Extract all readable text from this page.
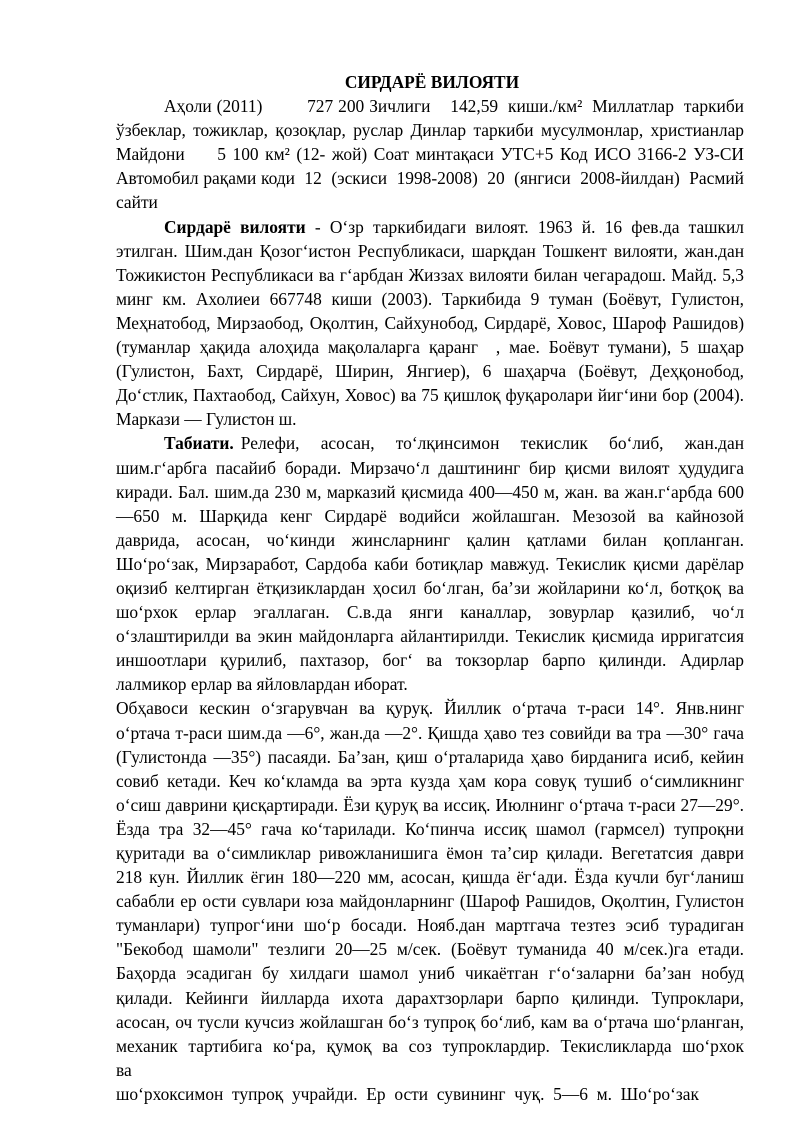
СИРДАРЁ ВИЛОЯТИ

Аҳоли (2011)         727 200 Зичлиги    142,59  киши./км²  Миллатлар  таркиби
ўзбеклар, тожиклар, қозоқлар, руслар Динлар таркиби мусулмонлар, христианлар
Майдони     5 100 км² (12- жой) Соат минтақаси УТС+5 Код ИСО 3166-2 УЗ-СИ
Автомобил рақами коди  12  (эскиси  1998-2008)  20  (янгиси  2008-йилдан)  Расмий
сайти
Сирдарё вилояти - Оʻзр таркибидаги вилоят. 1963 й. 16 фев.да ташкил
этилган. Шим.дан Қозогʻистон Республикаси, шарқдан Тошкент вилояти, жан.дан
Тожикистон Республикаси ва гʻарбдан Жиззах вилояти билан чегарадош. Майд. 5,3
минг км. Ахолиеи 667748 киши (2003). Таркибида 9 туман (Боёвут, Гулистон,
Меҳнатобод, Мирзаобод, Оқолтин, Сайхунобод, Сирдарё, Ховос, Шароф Рашидов)
(туманлар ҳақида алоҳида мақолаларга қаранг  , мае. Боёвут тумани), 5 шаҳар
(Гулистон, Бахт, Сирдарё, Ширин, Янгиер), 6 шаҳарча (Боёвут, Деҳқонобод,
Доʻстлик, Пахтаобод, Сайхун, Ховос) ва 75 қишлоқ фуқаролари йигʻини бор (2004).
Маркази — Гулистон ш.
Табиати. Релефи,   асосан,   тоʻлқинсимон   текислик   боʻлиб,   жан.дан
шим.гʻарбга пасайиб боради. Мирзачоʻл даштининг бир қисми вилоят ҳудудига
киради. Бал. шим.да 230 м, марказий қисмида 400—450 м, жан. ва жан.гʻарбда 600
—650  м.  Шарқида  кенг  Сирдарё  водийси  жойлашган.  Мезозой  ва  кайнозой
даврида,  асосан,  чоʻкинди  жинсларнинг  қалин  қатлами  билан  қопланган.
Шоʻроʻзак, Мирзаработ, Сардоба каби ботиқлар мавжуд. Текислик қисми дарёлар
оқизиб келтирган ётқизиклардан ҳосил боʻлган, баʼзи жойларини коʻл, ботқоқ ва
шоʻрхок  ерлар  эгаллаган.  С.в.да  янги  каналлар,  зовурлар  қазилиб,  чоʻл
оʻзлаштирилди ва экин майдонларга айлантирилди. Текислик қисмида ирригатсия
иншоотлари  қурилиб,  пахтазор,  богʻ  ва  токзорлар  барпо  қилинди.  Адирлар
лалмикор ерлар ва яйловлардан иборат.
Обҳавоси  кескин  оʻзгарувчан  ва  қуруқ.  Йиллик  оʻртача  т-раси  14°.  Янв.нинг
оʻртача т-раси шим.да —6°, жан.да —2°. Қишда ҳаво тез совийди ва тра —30° гача
(Гулистонда —35°) пасаяди. Баʼзан, қиш оʻрталарида ҳаво бирданига исиб, кейин
совиб кетади. Кеч коʻкламда ва эрта кузда ҳам кора совуқ тушиб оʻсимликнинг
оʻсиш даврини қисқартиради. Ёзи қуруқ ва иссиқ. Июлнинг оʻртача т-раси 27—29°.
Ёзда  тра  32—45°  гача  коʻтарилади.  Коʻпинча  иссиқ  шамол  (гармсел)  тупроқни
қуритади ва оʻсимликлар ривожланишига ёмон таʼсир қилади. Вегетатсия даври
218 кун. Йиллик ёгин 180—220 мм, асосан, қишда ёгʻади. Ёзда кучли бугʻланиш
сабабли ер ости сувлари юза майдонларнинг (Шароф Рашидов, Оқолтин, Гулистон
туманлари) тупрогʻини шоʻр босади. Нояб.дан мартгача тезтез эсиб турадиган
"Бекобод  шамоли"  тезлиги  20—25  м/сек.  (Боёвут  туманида  40  м/сек.)га  етади.
Баҳорда  эсадиган  бу  хилдаги  шамол  униб  чикаётган  гʻоʻзаларни  баʼзан  нобуд
қилади.  Кейинги  йилларда  ихота  дарахтзорлари  барпо  қилинди.  Тупроклари,
асосан, оч тусли кучсиз жойлашган боʻз тупроқ боʻлиб, кам ва оʻртача шоʻрланган,
механик  тартибига  коʻра,  қумоқ  ва  соз  тупроклардир.  Текисликларда  шоʻрхок  ва
шоʻрхоксимон  тупроқ  учрайди.  Ер  ости  сувининг  чуқ.  5—6  м.  Шоʻроʻзак
